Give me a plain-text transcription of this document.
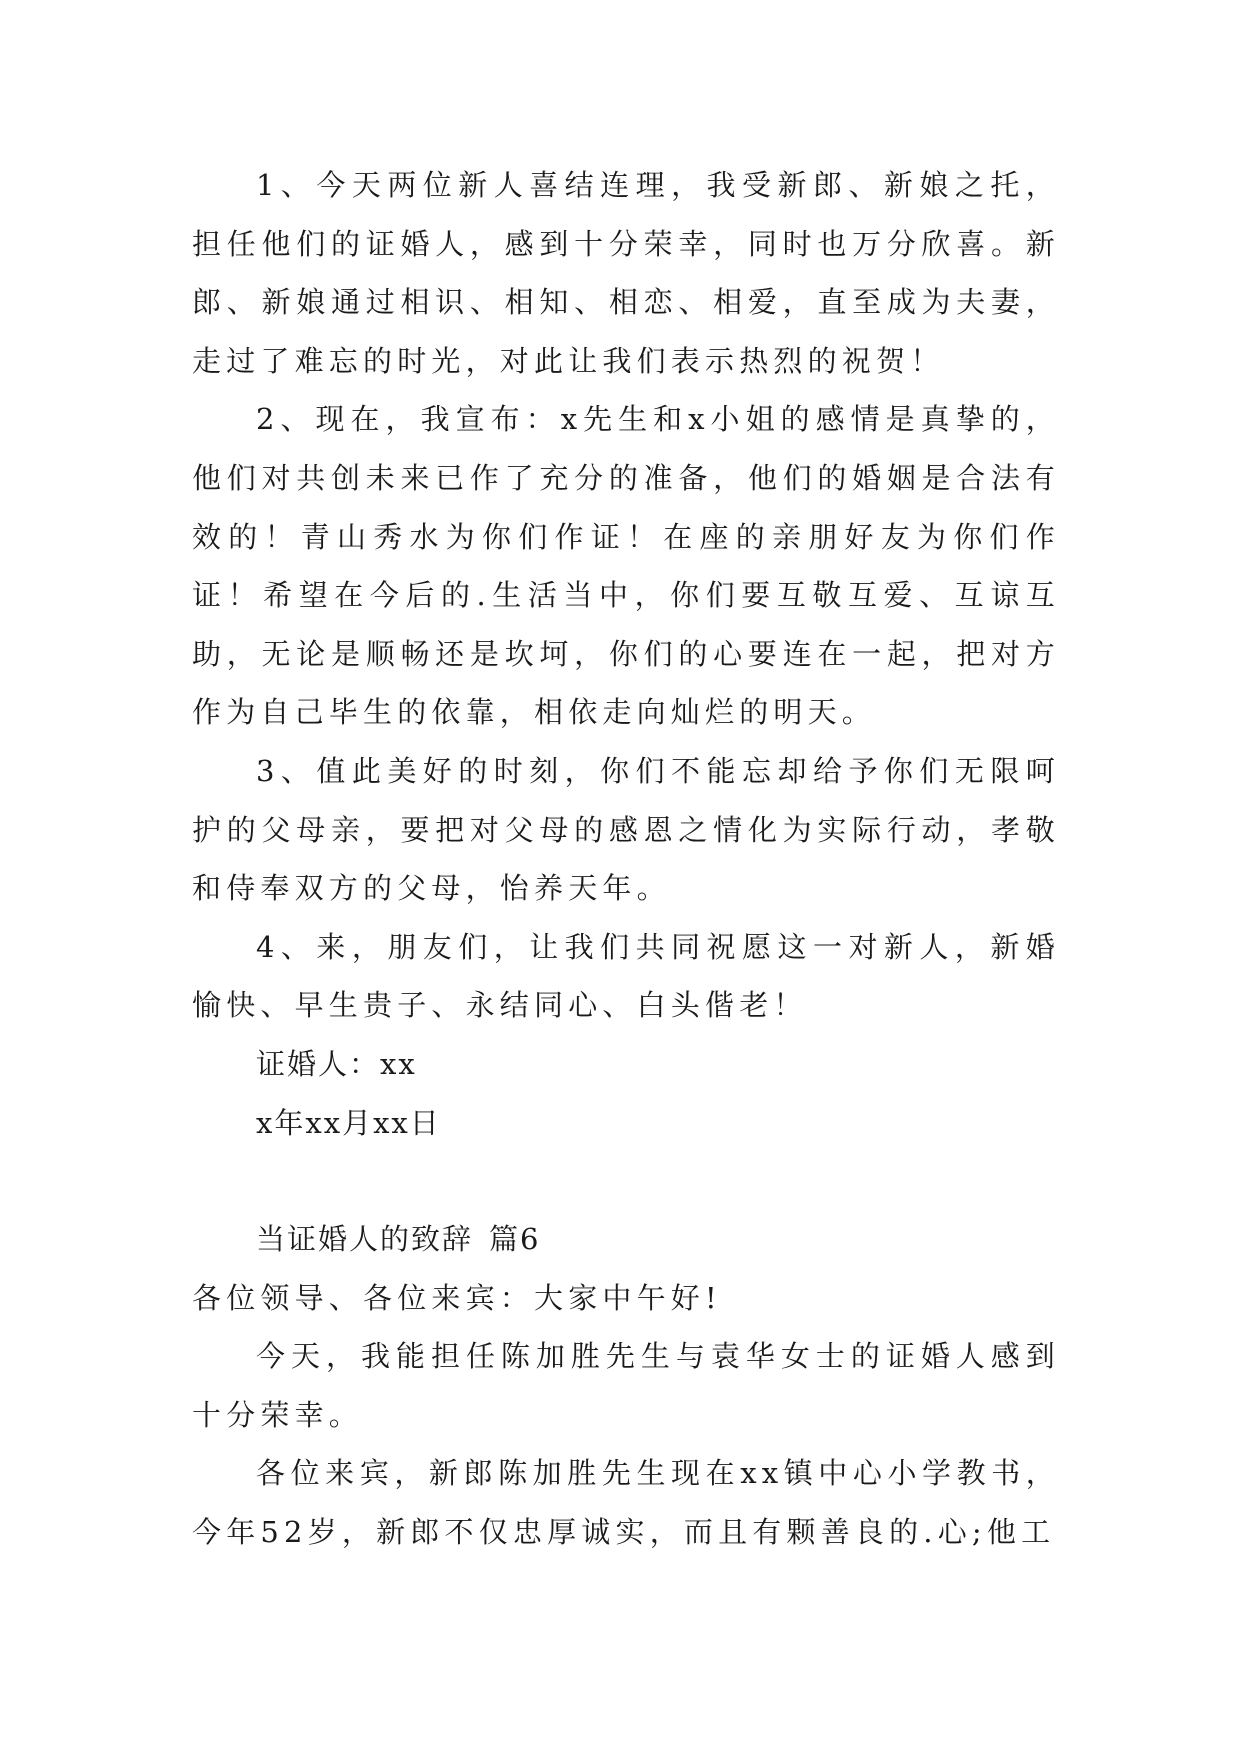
1、今天两位新人喜结连理，我受新郎、新娘之托，担任他们的证婚人，感到十分荣幸，同时也万分欣喜。新郎、新娘通过相识、相知、相恋、相爱，直至成为夫妻，走过了难忘的时光，对此让我们表示热烈的祝贺！

2、现在，我宣布：x先生和x小姐的感情是真挚的，他们对共创未来已作了充分的准备，他们的婚姻是合法有效的！青山秀水为你们作证！在座的亲朋好友为你们作证！希望在今后的.生活当中，你们要互敬互爱、互谅互助，无论是顺畅还是坎坷，你们的心要连在一起，把对方作为自己毕生的依靠，相依走向灿烂的明天。

3、值此美好的时刻，你们不能忘却给予你们无限呵护的父母亲，要把对父母的感恩之情化为实际行动，孝敬和侍奉双方的父母，怡养天年。

4、来，朋友们，让我们共同祝愿这一对新人，新婚愉快、早生贵子、永结同心、白头偕老！

证婚人：xx

x年xx月xx日

当证婚人的致辞 篇6

各位领导、各位来宾：大家中午好!

今天，我能担任陈加胜先生与袁华女士的证婚人感到十分荣幸。

各位来宾，新郎陈加胜先生现在xx镇中心小学教书，今年52岁，新郎不仅忠厚诚实，而且有颗善良的.心;他工
